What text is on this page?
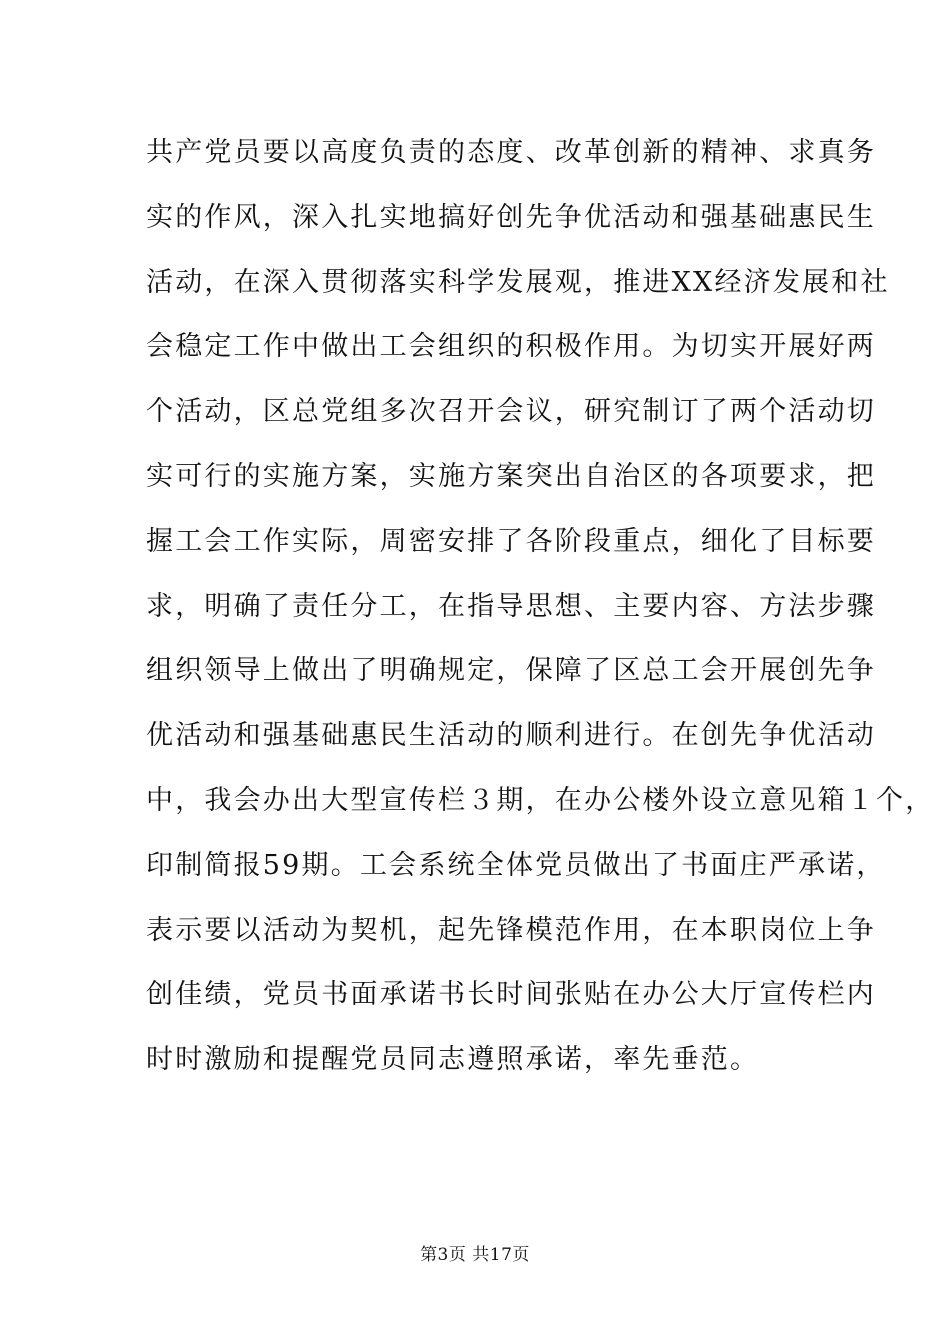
共产党员要以高度负责的态度、改革创新的精神、求真务
实的作风，深入扎实地搞好创先争优活动和强基础惠民生
活动，在深入贯彻落实科学发展观，推进XX经济发展和社
会稳定工作中做出工会组织的积极作用。为切实开展好两
个活动，区总党组多次召开会议，研究制订了两个活动切
实可行的实施方案，实施方案突出自治区的各项要求，把
握工会工作实际，周密安排了各阶段重点，细化了目标要
求，明确了责任分工，在指导思想、主要内容、方法步骤
组织领导上做出了明确规定，保障了区总工会开展创先争
优活动和强基础惠民生活动的顺利进行。在创先争优活动
中，我会办出大型宣传栏３期，在办公楼外设立意见箱１个，
印制简报59期。工会系统全体党员做出了书面庄严承诺，
表示要以活动为契机，起先锋模范作用，在本职岗位上争
创佳绩，党员书面承诺书长时间张贴在办公大厅宣传栏内
时时激励和提醒党员同志遵照承诺，率先垂范。
第3页 共17页
